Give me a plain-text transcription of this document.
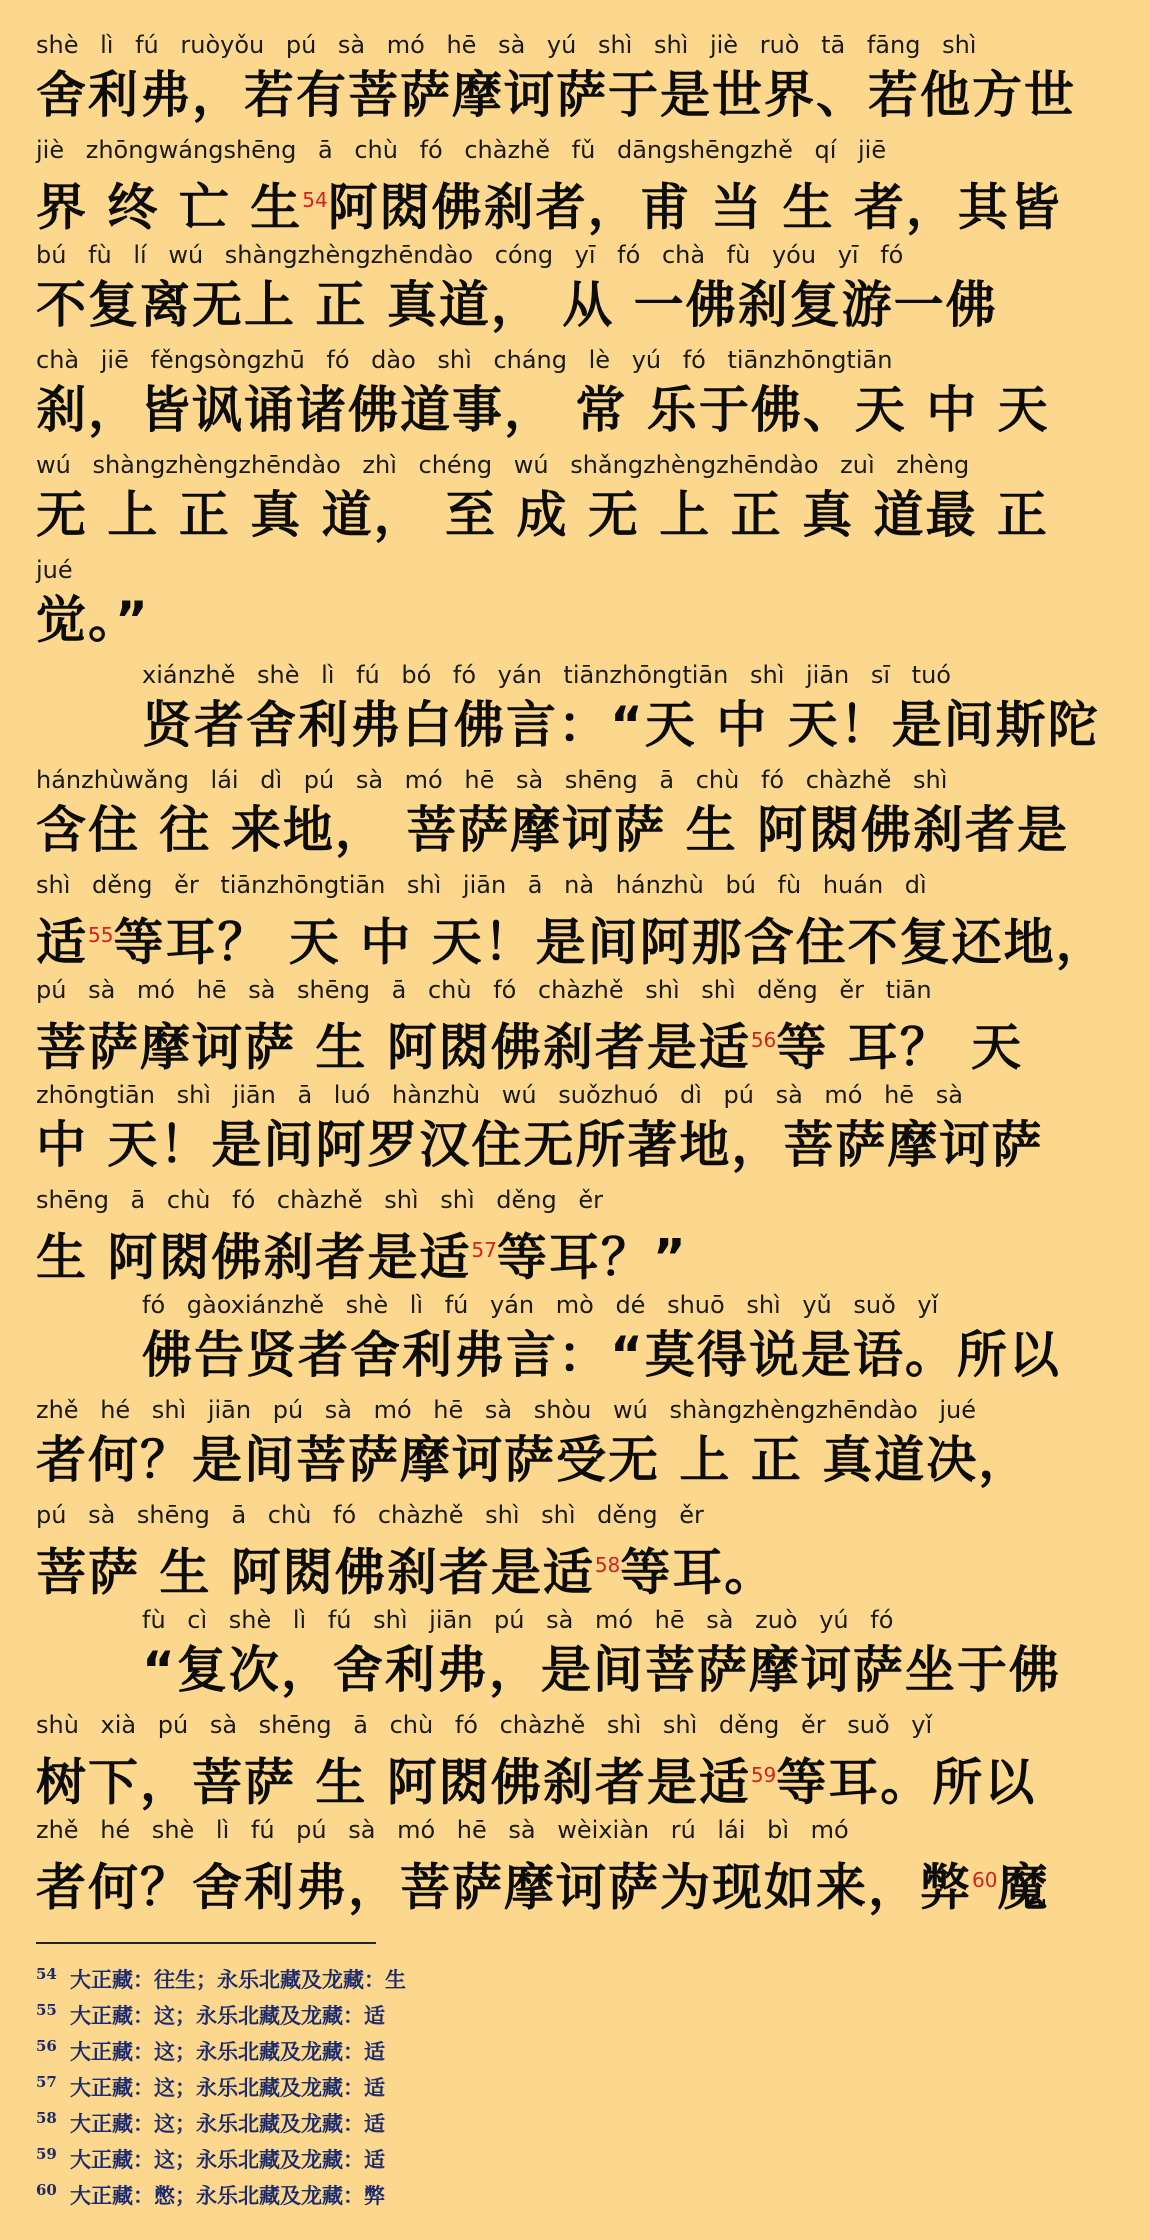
shè lì fú ruòyǒu pú sà mó hē sà yú shì shì jiè ruò tā fāng shì
舍利弗，若有菩萨摩诃萨于是世界、若他方世
jiè zhōngwángshēng ā chù fó chàzhě fǔ dāngshēngzhě qí jiē
界 终 亡 生$^{54}$阿閦佛刹者，甫 当 生 者，其皆
bú fù lí wú shàngzhèngzhēndào cóng yī fó chà fù yóu yī fó
不复离无上 正 真道， 从 一佛刹复游一佛
chà jiē fěngsòngzhū fó dào shì cháng lè yú fó tiānzhōngtiān
刹，皆讽诵诸佛道事， 常 乐于佛、天 中 天
wú shàngzhèngzhēndào zhì chéng wú shǎngzhèngzhēndào zuì zhèng
无 上 正 真 道， 至 成 无 上 正 真 道最 正
jué
觉。”
xiánzhě shè lì fú bó fó yán tiānzhōngtiān shì jiān sī tuó
贤者舍利弗白佛言：“天 中 天！是间斯陀
hánzhùwǎng lái dì pú sà mó hē sà shēng ā chù fó chàzhě shì
含住 往 来地， 菩萨摩诃萨 生 阿閦佛刹者是
shì děng ěr tiānzhōngtiān shì jiān ā nà hánzhù bú fù huán dì
适$^{55}$等耳？ 天 中 天！是间阿那含住不复还地，
pú sà mó hē sà shēng ā chù fó chàzhě shì shì děng ěr tiān
菩萨摩诃萨 生 阿閦佛刹者是适$^{56}$等 耳？ 天
zhōngtiān shì jiān ā luó hànzhù wú suǒzhuó dì pú sà mó hē sà
中 天！是间阿罗汉住无所著地，菩萨摩诃萨
shēng ā chù fó chàzhě shì shì děng ěr
生 阿閦佛刹者是适$^{57}$等耳？”
fó gàoxiánzhě shè lì fú yán mò dé shuō shì yǔ suǒ yǐ
佛告贤者舍利弗言：“莫得说是语。所以
zhě hé shì jiān pú sà mó hē sà shòu wú shàngzhèngzhēndào jué
者何？是间菩萨摩诃萨受无 上 正 真道决，
pú sà shēng ā chù fó chàzhě shì shì děng ěr
菩萨 生 阿閦佛刹者是适$^{58}$等耳。
fù cì shè lì fú shì jiān pú sà mó hē sà zuò yú fó
“复次，舍利弗，是间菩萨摩诃萨坐于佛
shù xià pú sà shēng ā chù fó chàzhě shì shì děng ěr suǒ yǐ
树下，菩萨 生 阿閦佛刹者是适$^{59}$等耳。所以
zhě hé shè lì fú pú sà mó hē sà wèixiàn rú lái bì mó
者何？舍利弗，菩萨摩诃萨为现如来，弊$^{60}$魔
54 大正藏：往生；永乐北藏及龙藏：生
55 大正藏：这；永乐北藏及龙藏：适
56 大正藏：这；永乐北藏及龙藏：适
57 大正藏：这；永乐北藏及龙藏：适
58 大正藏：这；永乐北藏及龙藏：适
59 大正藏：这；永乐北藏及龙藏：适
60 大正藏：憋；永乐北藏及龙藏：弊
